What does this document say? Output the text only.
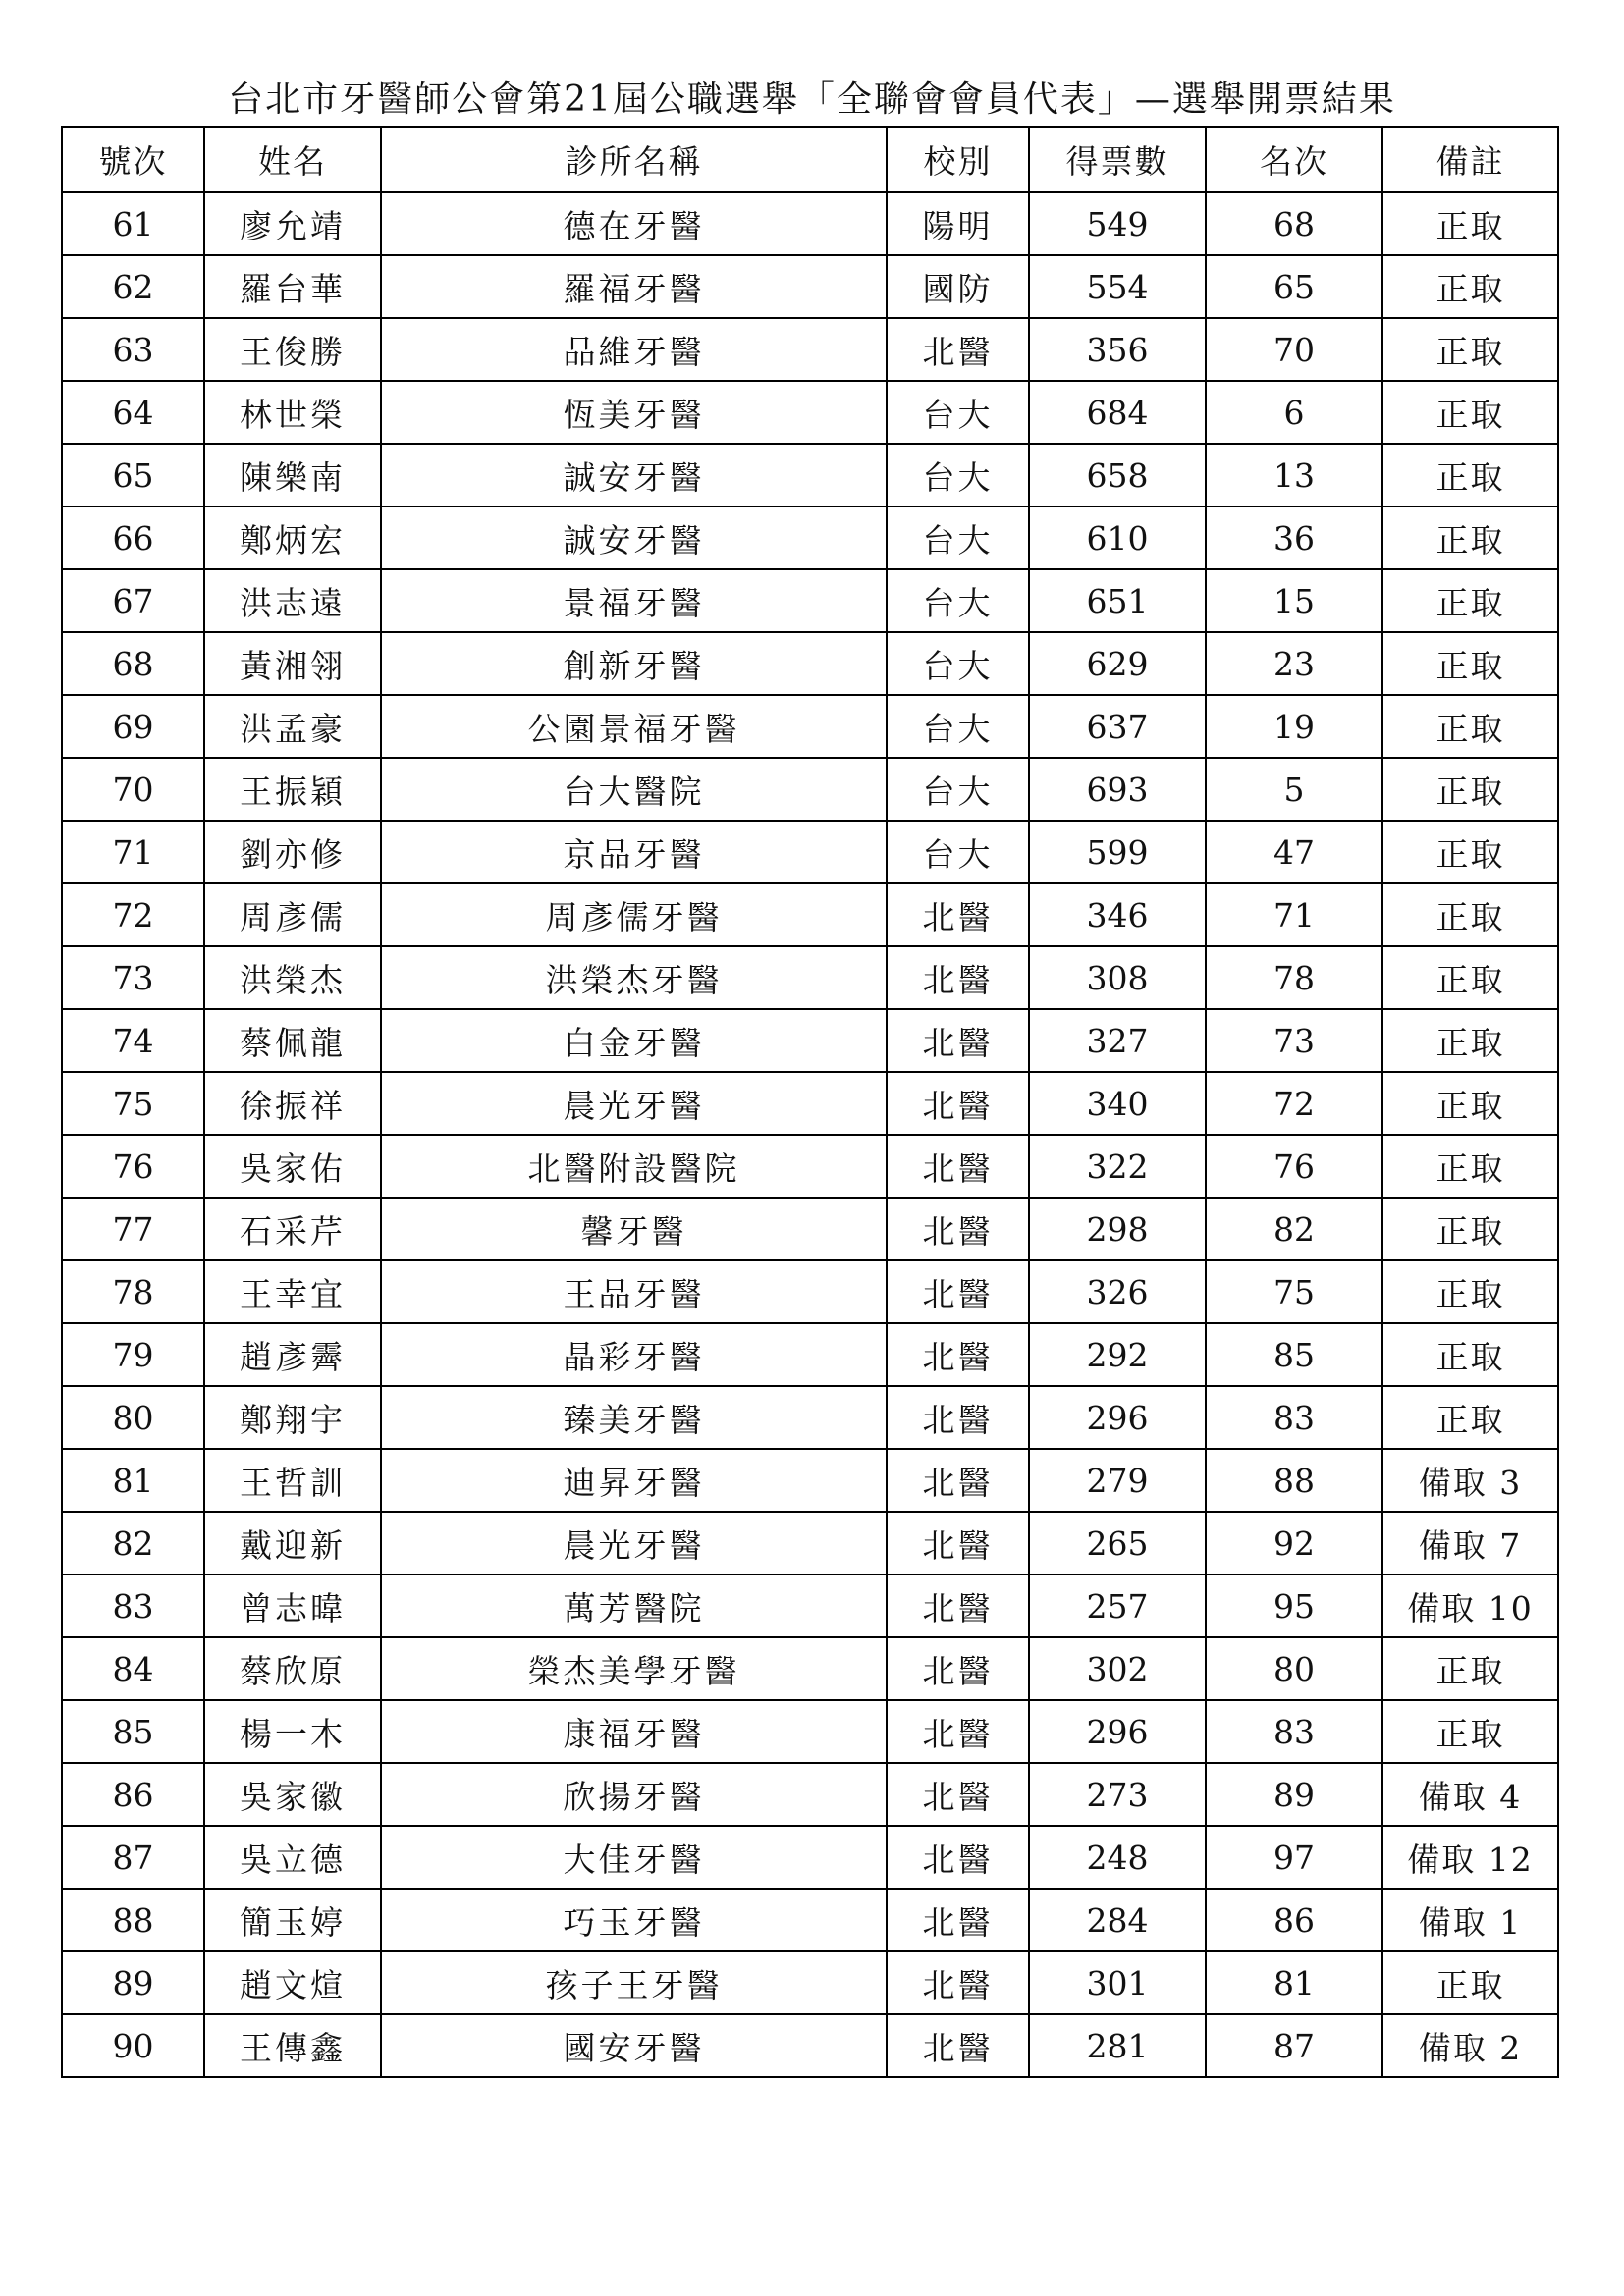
台北市牙醫師公會第21屆公職選舉「全聯會會員代表」—選舉開票結果
號次	姓名	診所名稱	校別	得票數	名次	備註
61	廖允靖	德在牙醫	陽明	549	68	正取
62	羅台華	羅福牙醫	國防	554	65	正取
63	王俊勝	品維牙醫	北醫	356	70	正取
64	林世榮	恆美牙醫	台大	684	6	正取
65	陳樂南	誠安牙醫	台大	658	13	正取
66	鄭炳宏	誠安牙醫	台大	610	36	正取
67	洪志遠	景福牙醫	台大	651	15	正取
68	黃湘翎	創新牙醫	台大	629	23	正取
69	洪孟豪	公園景福牙醫	台大	637	19	正取
70	王振穎	台大醫院	台大	693	5	正取
71	劉亦修	京品牙醫	台大	599	47	正取
72	周彥儒	周彥儒牙醫	北醫	346	71	正取
73	洪榮杰	洪榮杰牙醫	北醫	308	78	正取
74	蔡佩龍	白金牙醫	北醫	327	73	正取
75	徐振祥	晨光牙醫	北醫	340	72	正取
76	吳家佑	北醫附設醫院	北醫	322	76	正取
77	石采芹	馨牙醫	北醫	298	82	正取
78	王幸宜	王品牙醫	北醫	326	75	正取
79	趙彥霽	晶彩牙醫	北醫	292	85	正取
80	鄭翔宇	臻美牙醫	北醫	296	83	正取
81	王哲訓	迪昇牙醫	北醫	279	88	備取 3
82	戴迎新	晨光牙醫	北醫	265	92	備取 7
83	曾志暐	萬芳醫院	北醫	257	95	備取 10
84	蔡欣原	榮杰美學牙醫	北醫	302	80	正取
85	楊一木	康福牙醫	北醫	296	83	正取
86	吳家徽	欣揚牙醫	北醫	273	89	備取 4
87	吳立德	大佳牙醫	北醫	248	97	備取 12
88	簡玉婷	巧玉牙醫	北醫	284	86	備取 1
89	趙文煊	孩子王牙醫	北醫	301	81	正取
90	王傳鑫	國安牙醫	北醫	281	87	備取 2
